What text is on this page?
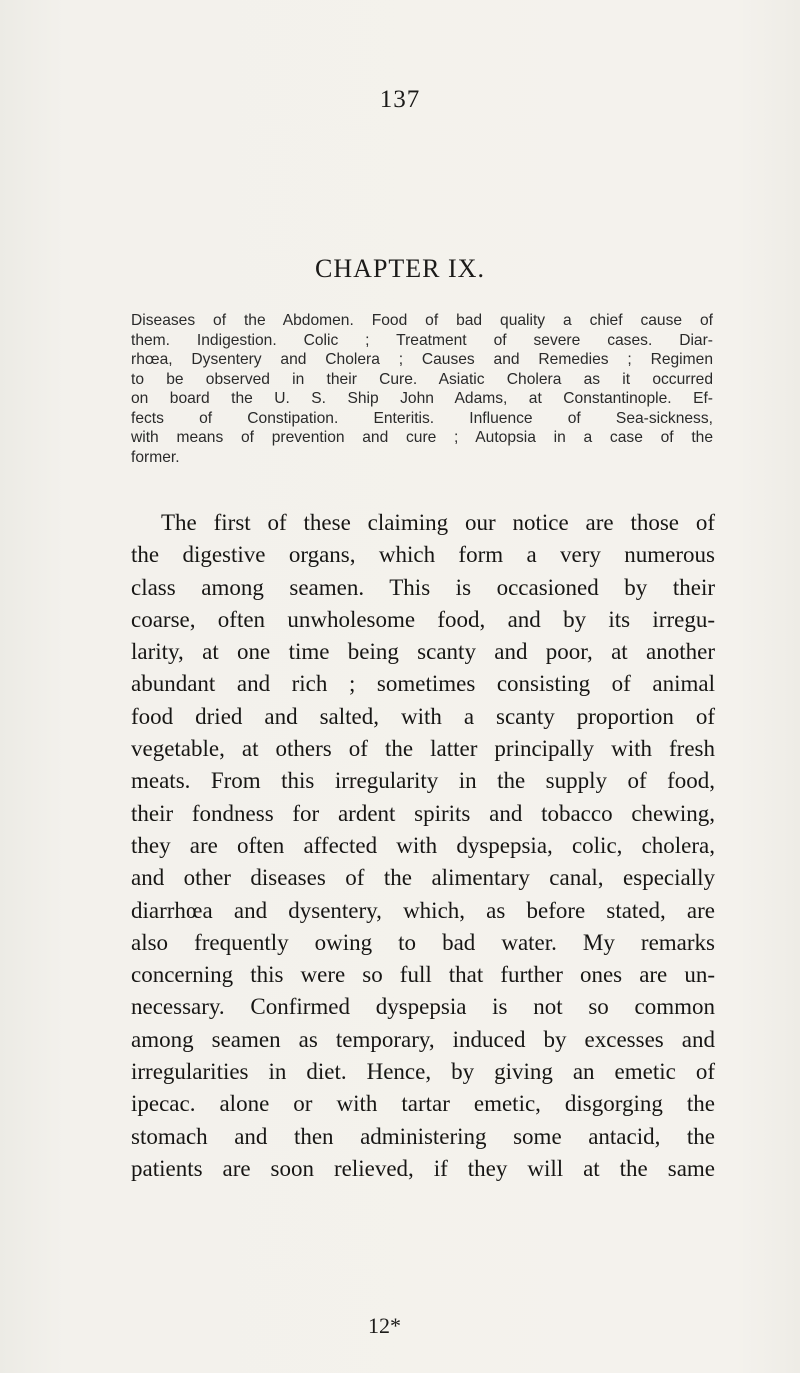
137
CHAPTER IX.
Diseases of the Abdomen. Food of bad quality a chief cause of
them. Indigestion. Colic ; Treatment of severe cases. Diar-
rhœa, Dysentery and Cholera ; Causes and Remedies ; Regimen
to be observed in their Cure. Asiatic Cholera as it occurred
on board the U. S. Ship John Adams, at Constantinople. Ef-
fects of Constipation. Enteritis. Influence of Sea-sickness,
with means of prevention and cure ; Autopsia in a case of the
former.
The first of these claiming our notice are those of
the digestive organs, which form a very numerous
class among seamen. This is occasioned by their
coarse, often unwholesome food, and by its irregu-
larity, at one time being scanty and poor, at another
abundant and rich ; sometimes consisting of animal
food dried and salted, with a scanty proportion of
vegetable, at others of the latter principally with fresh
meats. From this irregularity in the supply of food,
their fondness for ardent spirits and tobacco chewing,
they are often affected with dyspepsia, colic, cholera,
and other diseases of the alimentary canal, especially
diarrhœa and dysentery, which, as before stated, are
also frequently owing to bad water. My remarks
concerning this were so full that further ones are un-
necessary. Confirmed dyspepsia is not so common
among seamen as temporary, induced by excesses and
irregularities in diet. Hence, by giving an emetic of
ipecac. alone or with tartar emetic, disgorging the
stomach and then administering some antacid, the
patients are soon relieved, if they will at the same
12*
